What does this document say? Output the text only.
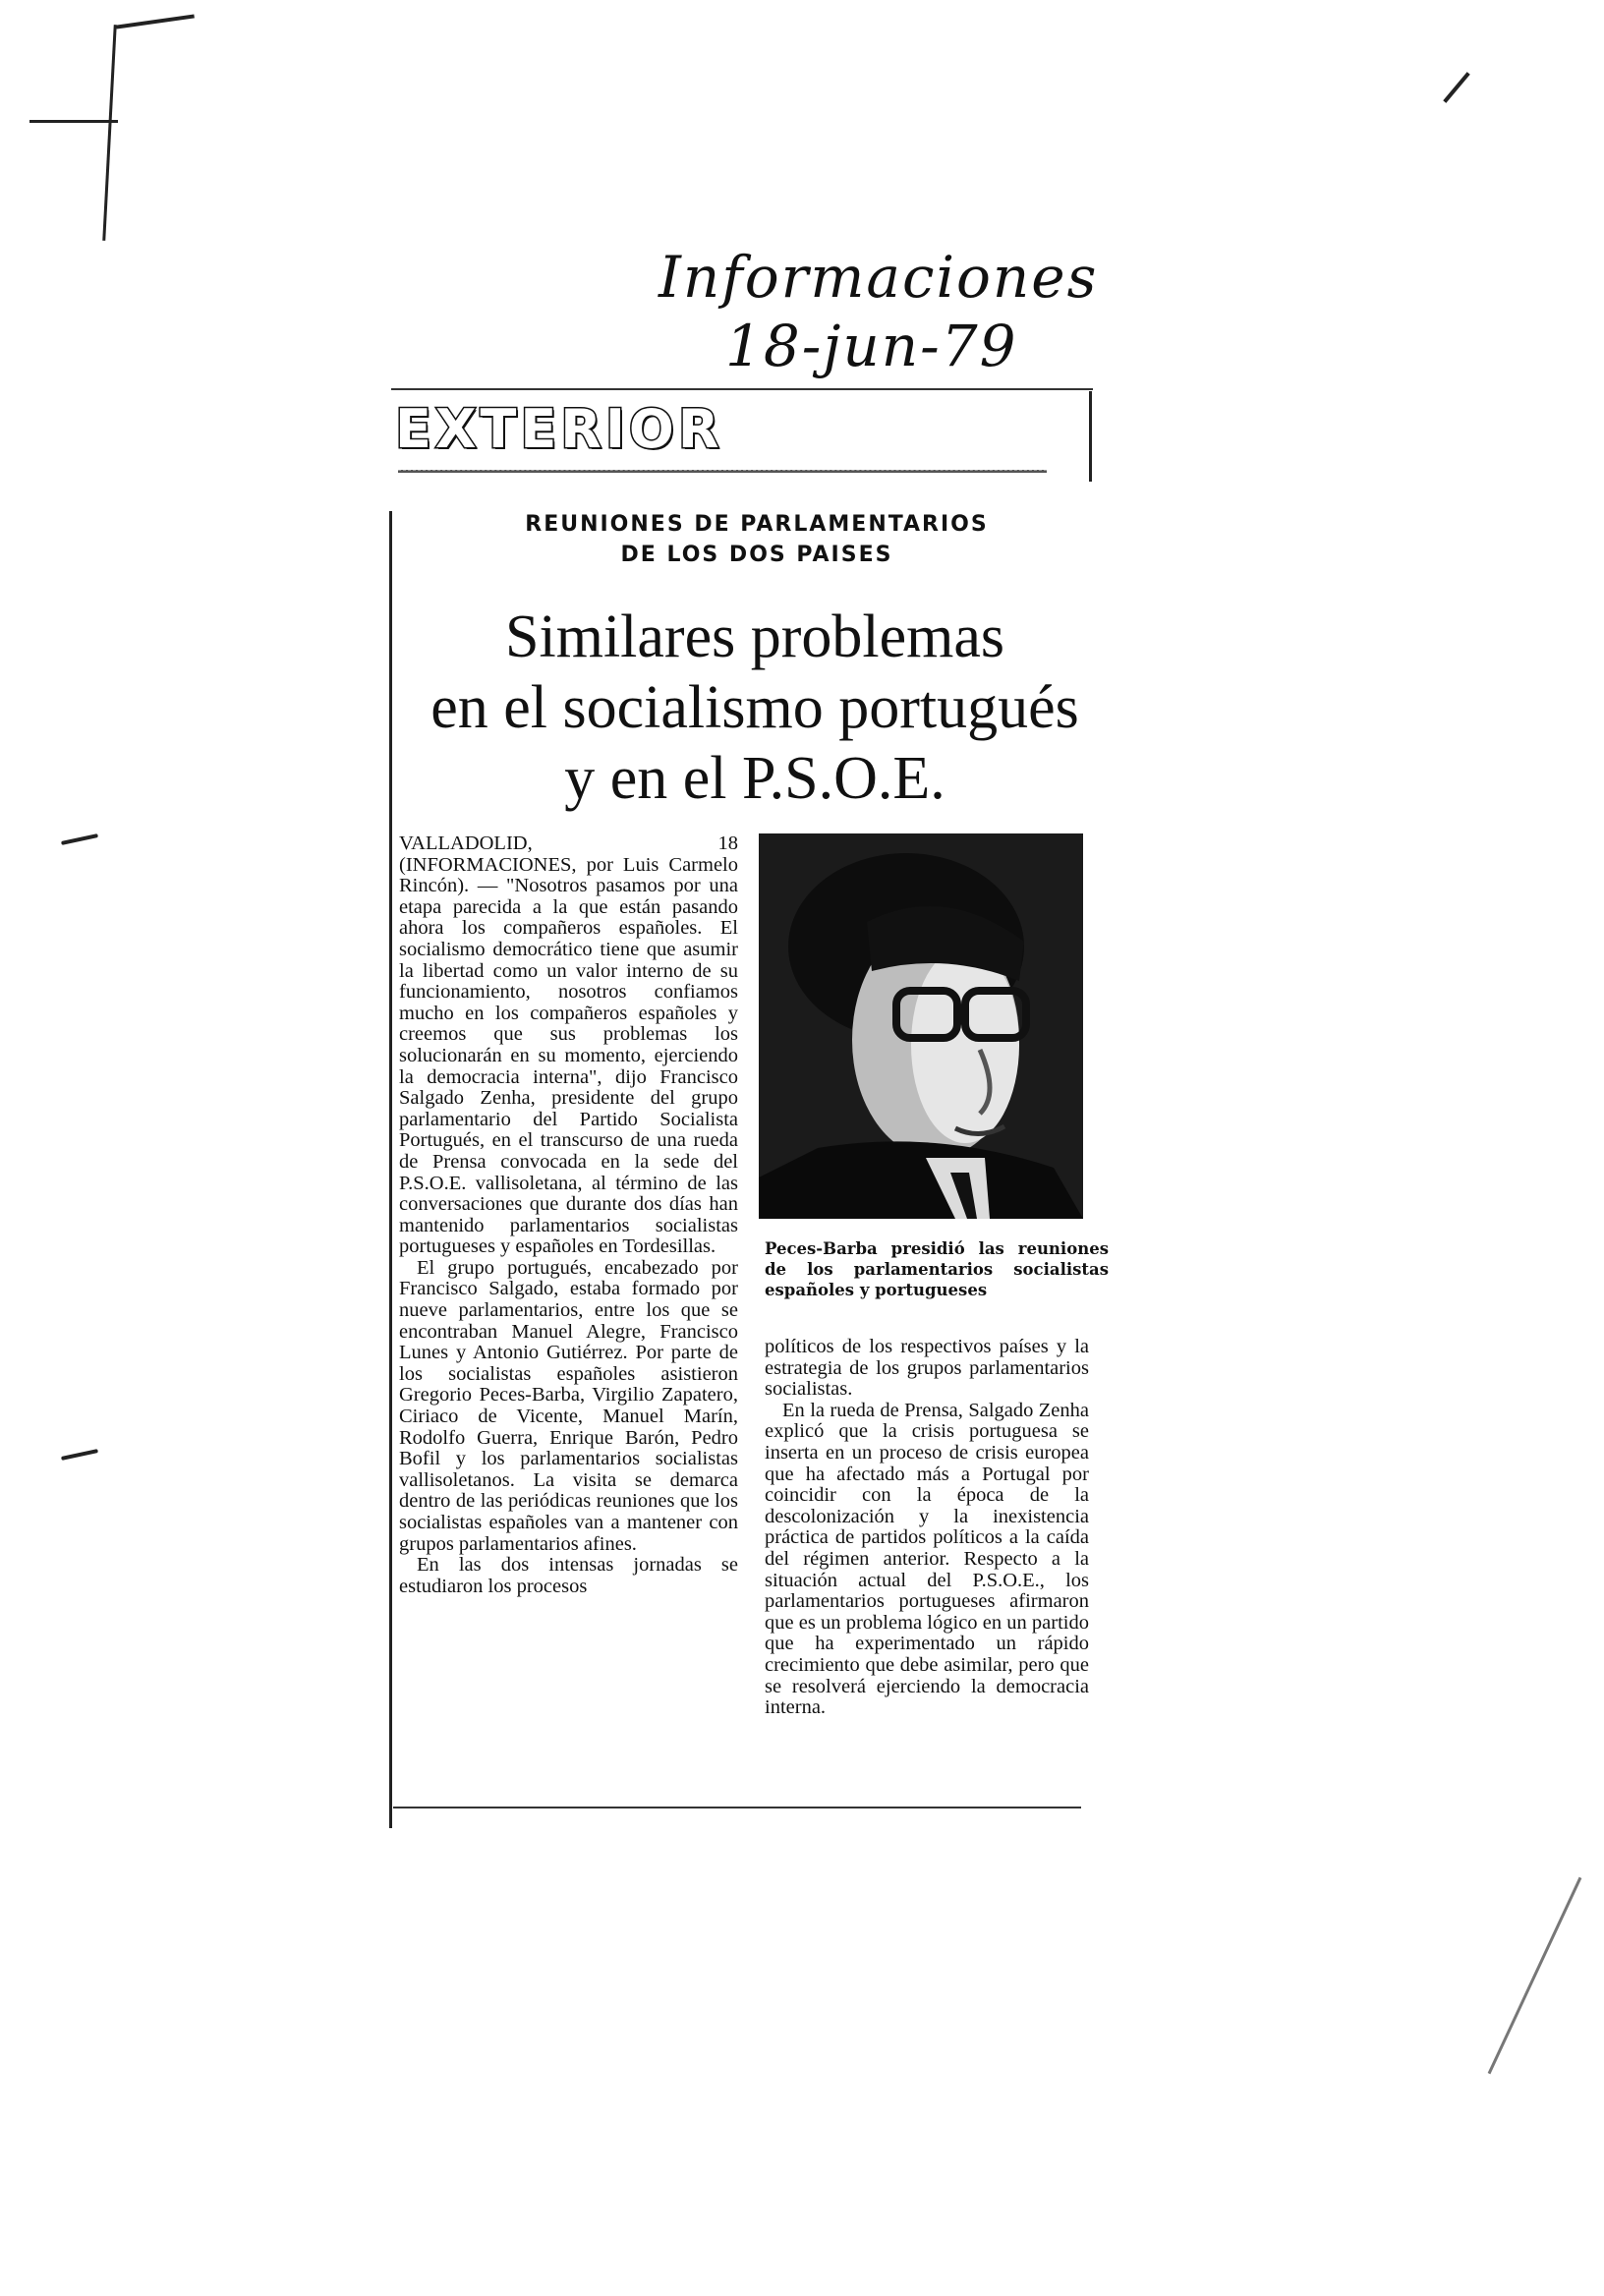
Informaciones
18-jun-79
EXTERIOR
REUNIONES DE PARLAMENTARIOS
DE LOS DOS PAISES
Similares problemas
en el socialismo portugués
y en el P.S.O.E.

VALLADOLID, 18 (INFORMACIONES, por Luis Carmelo Rincón). — "Nosotros pasamos por una etapa parecida a la que están pasando ahora los compañeros españoles. El socialismo democrático tiene que asumir la libertad como un valor interno de su funcionamiento, nosotros confiamos mucho en los compañeros españoles y creemos que sus problemas los solucionarán en su momento, ejerciendo la democracia interna", dijo Francisco Salgado Zenha, presidente del grupo parlamentario del Partido Socialista Portugués, en el transcurso de una rueda de Prensa convocada en la sede del P.S.O.E. vallisoletana, al término de las conversaciones que durante dos días han mantenido parlamentarios socialistas portugueses y españoles en Tordesillas.

El grupo portugués, encabezado por Francisco Salgado, estaba formado por nueve parlamentarios, entre los que se encontraban Manuel Alegre, Francisco Lunes y Antonio Gutiérrez. Por parte de los socialistas españoles asistieron Gregorio Peces-Barba, Virgilio Zapatero, Ciriaco de Vicente, Manuel Marín, Rodolfo Guerra, Enrique Barón, Pedro Bofil y los parlamentarios socialistas vallisoletanos. La visita se demarca dentro de las periódicas reuniones que los socialistas españoles van a mantener con grupos parlamentarios afines.

En las dos intensas jornadas se estudiaron los procesos

Peces-Barba presidió las reuniones de los parlamentarios socialistas españoles y portugueses

políticos de los respectivos países y la estrategia de los grupos parlamentarios socialistas.

En la rueda de Prensa, Salgado Zenha explicó que la crisis portuguesa se inserta en un proceso de crisis europea que ha afectado más a Portugal por coincidir con la época de la descolonización y la inexistencia práctica de partidos políticos a la caída del régimen anterior. Respecto a la situación actual del P.S.O.E., los parlamentarios portugueses afirmaron que es un problema lógico en un partido que ha experimentado un rápido crecimiento que debe asimilar, pero que se resolverá ejerciendo la democracia interna.
